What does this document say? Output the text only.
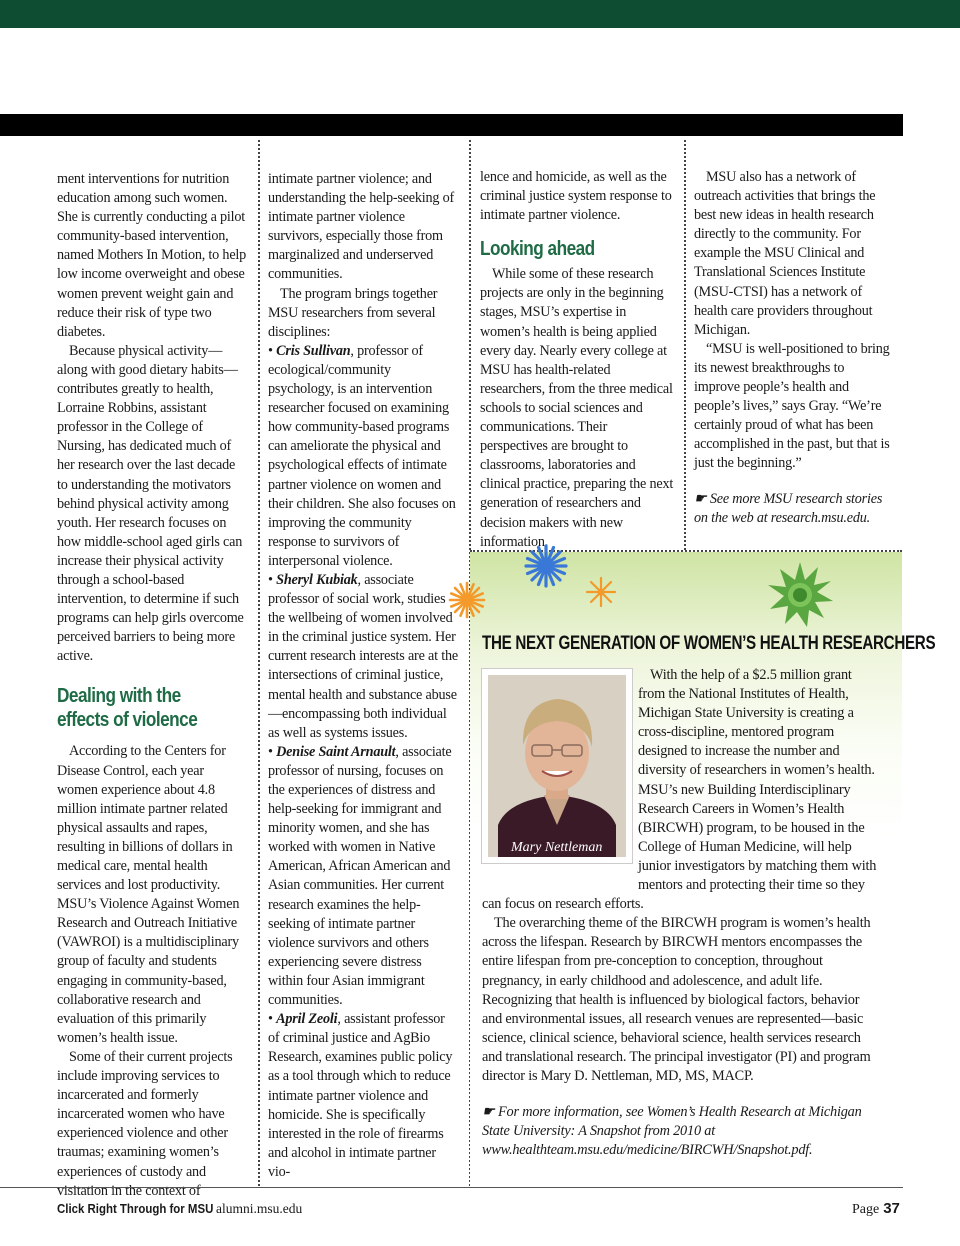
ment interventions for nutrition education among such women. She is currently conducting a pilot community-based intervention, named Mothers In Motion, to help low income overweight and obese women prevent weight gain and reduce their risk of type two diabetes.

Because physical activity—along with good dietary habits—contributes greatly to health, Lorraine Robbins, assistant professor in the College of Nursing, has dedicated much of her research over the last decade to understanding the motivators behind physical activity among youth. Her research focuses on how middle-school aged girls can increase their physical activity through a school-based intervention, to determine if such programs can help girls overcome perceived barriers to being more active.

Dealing with the
effects of violence

According to the Centers for Disease Control, each year women experience about 4.8 million intimate partner related physical assaults and rapes, resulting in billions of dollars in medical care, mental health services and lost productivity. MSU’s Violence Against Women Research and Outreach Initiative (VAWROI) is a multidisciplinary group of faculty and students engaging in community-based, collaborative research and evaluation of this primarily women’s health issue.

Some of their current projects include improving services to incarcerated and formerly incarcerated women who have experienced violence and other traumas; examining women’s experiences of custody and visitation in the context of

intimate partner violence; and understanding the help-seeking of intimate partner violence survivors, especially those from marginalized and underserved communities.

The program brings together MSU researchers from several disciplines:

• Cris Sullivan, professor of ecological/community psychology, is an intervention researcher focused on examining how community-based programs can ameliorate the physical and psychological effects of intimate partner violence on women and their children. She also focuses on improving the community response to survivors of interpersonal violence.

• Sheryl Kubiak, associate professor of social work, studies the wellbeing of women involved in the criminal justice system. Her current research interests are at the intersections of criminal justice, mental health and substance abuse—encompassing both individual as well as systems issues.

• Denise Saint Arnault, associate professor of nursing, focuses on the experiences of distress and help-seeking for immigrant and minority women, and she has worked with women in Native American, African American and Asian communities. Her current research examines the help-seeking of intimate partner violence survivors and others experiencing severe distress within four Asian immigrant communities.

• April Zeoli, assistant professor of criminal justice and AgBio Research, examines public policy as a tool through which to reduce intimate partner violence and homicide. She is specifically interested in the role of firearms and alcohol in intimate partner vio-

lence and homicide, as well as the criminal justice system response to intimate partner violence.

Looking ahead

While some of these research projects are only in the beginning stages, MSU’s expertise in women’s health is being applied every day. Nearly every college at MSU has health-related researchers, from the three medical schools to social sciences and communications. Their perspectives are brought to classrooms, laboratories and clinical practice, preparing the next generation of researchers and decision makers with new information.

MSU also has a network of outreach activities that brings the best new ideas in health research directly to the community. For example the MSU Clinical and Translational Sciences Institute (MSU-CTSI) has a network of health care providers throughout Michigan.

“MSU is well-positioned to bring its newest breakthroughs to improve people’s health and people’s lives,” says Gray. “We’re certainly proud of what has been accomplished in the past, but that is just the beginning.”

☛ See more MSU research stories on the web at research.msu.edu.

THE NEXT GENERATION OF WOMEN’S HEALTH RESEARCHERS
Mary Nettleman

With the help of a $2.5 million grant from the National Institutes of Health, Michigan State University is creating a cross-discipline, mentored program designed to increase the number and diversity of researchers in women’s health. MSU’s new Building Interdisciplinary Research Careers in Women’s Health (BIRCWH) program, to be housed in the College of Human Medicine, will help junior investigators by matching them with mentors and protecting their time so they can focus on research efforts.

The overarching theme of the BIRCWH program is women’s health across the lifespan. Research by BIRCWH mentors encompasses the entire lifespan from pre-conception to conception, throughout pregnancy, in early childhood and adolescence, and adult life. Recognizing that health is influenced by biological factors, behavior and environmental issues, all research venues are represented—basic science, clinical science, behavioral science, health services research and translational research. The principal investigator (PI) and program director is Mary D. Nettleman, MD, MS, MACP.

☛ For more information, see Women’s Health Research at Michigan State University: A Snapshot from 2010 at www.healthteam.msu.edu/medicine/BIRCWH/Snapshot.pdf.

Click Right Through for MSU alumni.msu.edu	Page 37
